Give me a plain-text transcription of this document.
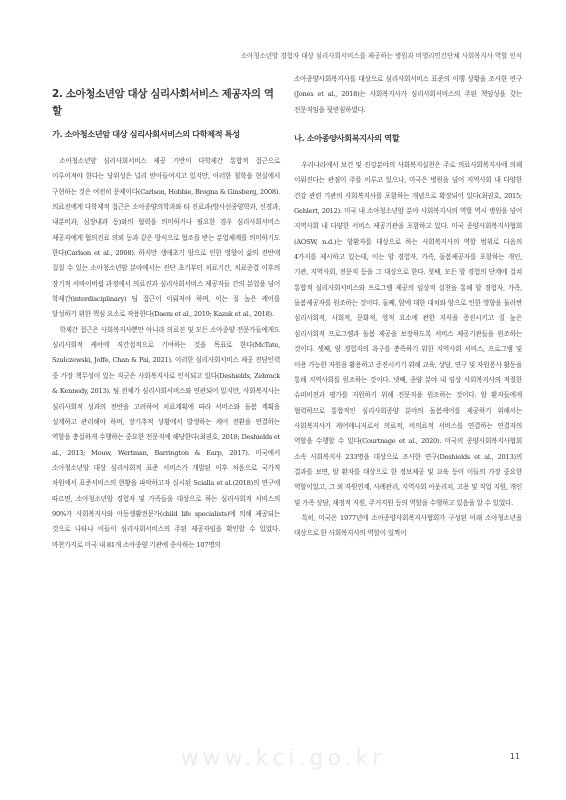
소아청소년암 경험자 대상 심리사회서비스를 제공하는 병원과 비영리민간단체 사회복지사 역할 인식
2. 소아청소년암 대상 심리사회서비스 제공자의 역할
가. 소아청소년암 대상 심리사회서비스의 다학제적 특성

소아청소년암 심리사회서비스 제공 기반이 다학제간 통합적 접근으로 이루어져야 한다는 당위성은 널리 받아들여지고 있지만, 이러한 철학을 현실에서 구현하는 것은 여전히 문제이다(Carlson, Hobbie, Brogna & Ginsberg, 2008). 의료진에게 다학제적 접근은 소아종양의학과와 타 진료과(방사선종양학과, 신경과, 내분비과, 심장내과 등)와의 협력을 의미하거나 필요한 경우 심리사회서비스 제공자에게 협의진료 의뢰 등과 같은 방식으로 협조를 받는 분업체계를 의미하기도 한다(Carlson et al., 2008). 하지만 생애초기 암으로 인한 영향이 삶의 전반에 걸칠 수 있는 소아청소년암 분야에서는 진단 초기부터 치료기간, 치료종결 이후의 장기적 서바이버쉽 과정에서 의료진과 심리사회서비스 제공자들 간의 분업을 넘어 학제간(interdisciplinary) 팀 접근이 이뤄져야 하며, 이는 질 높은 케어를 달성하기 위한 핵심 요소로 작용한다(Daem et al., 2019; Kazak et al., 2018).

학제간 접근은 사회복지사뿐만 아니라 의료진 및 모든 소아종양 전문가들에게도 심리사회적 케어에 직간접적으로 기여하는 것을 목표로 한다(McTate, Szulczewski, Joffe, Chan & Pai, 2021). 이러한 심리사회서비스 제공 전담인력 중 가장 책무성이 있는 직군은 사회복지사로 인식되고 있다(Deshields, Zebrack & Kennedy, 2013). 팀 전체가 심리사회서비스와 연관되어 있지만, 사회복지사는 심리사회적 성과의 전반을 고려하여 치료계획에 따라 서비스와 돌봄 계획을 설계하고 관리해야 하며, 장기추적 상황에서 발생하는 케어 전환을 연결하는 역할을 충실하게 수행하는 중요한 전문직에 해당한다(최권호, 2018; Deshields et al., 2013; Mouw, Wertman, Barrington & Earp, 2017). 미국에서 소아청소년암 대상 심리사회적 표준 서비스가 개발된 이후 처음으로 국가적 차원에서 표준서비스의 현황을 파악하고자 실시된 Scialla et al.(2018)의 연구에 따르면, 소아청소년암 경험자 및 가족들을 대상으로 하는 심리사회적 서비스의 90%가 사회복지사와 아동생활전문가(child life specialists)에 의해 제공되는 것으로 나타나 이들이 심리사회서비스의 주된 제공자임을 확인할 수 있었다. 마찬가지로 미국 내 81개 소아종양 기관에 종사하는 107명의

소아종양사회복지사를 대상으로 심리사회서비스 표준의 이행 상황을 조사한 연구(Jones et al., 2018)는 사회복지사가 심리사회서비스의 주된 책임성을 갖는 전문직임을 뒷받침하였다.

나. 소아종양사회복지사의 역할

우리나라에서 보건 및 진강분야의 사회복지실천은 주로 의료사회복지사에 의해 이뤄진다는 관점이 주를 이루고 있으나, 미국은 병원을 넘어 지역사회 내 다양한 건강 관련 기관의 사회복지사를 포함하는 개념으로 확장되어 있다(최권호, 2015; Gehlert, 2012). 미국 내 소아청소년암 분야 사회복지사의 역할 역시 병원을 넘어 지역사회 내 다양한 서비스 제공기관을 포함하고 있다. 미국 종양사회복지사협회(AOSW, n.d.)는 암환자를 대상으로 하는 사회복지사의 역할 범위로 다음의 4가지를 제시하고 있는데, 이는 암 경험자, 가족, 돌봄제공자를 포함하는 개인, 기관, 지역사회, 전문직 등을 그 대상으로 한다. 첫째, 모든 암 경험의 단계에 걸쳐 통합적 심리사회서비스와 프로그램 제공의 임상적 실천을 통해 암 경험자, 가족, 돌봄제공자를 원조하는 것이다. 둘째, 암에 대한 대처와 암으로 인한 영향을 둘러싼 심리사회적, 사회적, 문화적, 영적 요소에 관한 지식을 증진시키고 질 높은 심리사회적 프로그램과 돌봄 제공을 보장하도록 서비스 제공기관들을 원조하는 것이다. 셋째, 암 경험자의 욕구를 충족하기 위한 지역사회 서비스, 프로그램 및 이용 가능한 자원을 활용하고 증진시키기 위해 교육, 상담, 연구 및 자원봉사 활동을 통해 지역사회를 원조하는 것이다. 넷째, 종양 분야 내 임상 사회복지사의 적절한 슈퍼비전과 평가를 지원하기 위해 전문직을 원조하는 것이다. 암 환자들에게 협력하므로 통합적인 심리사회종양 분야의 돌봄케어를 제공하기 위해서는 사회복지사가 케어매니저로서 의료적, 비의료적 서비스를 연결하는 연결자의 역할을 수행할 수 있다(Courtnage et al., 2020). 미국의 종양사회복지사협회 소속 사회복지사 233명을 대상으로 조사한 연구(Deshields et al., 2013)의 결과를 보면, 암 환자를 대상으로 한 정보제공 및 교육 등이 이들의 가장 중요한 역할이었고, 그 외 자원연계, 사례관리, 지역사회 아웃리치, 고용 및 직업 지원, 개인 및 가족 상담, 재정적 지원, 주거지원 등의 역할을 수행하고 있음을 알 수 있었다.

특히, 미국은 1977년에 소아종양사회복지사협회가 구성된 이래 소아청소년을 대상으로 한 사회복지사의 역할이 일찍이

www.kci.go.kr	11
